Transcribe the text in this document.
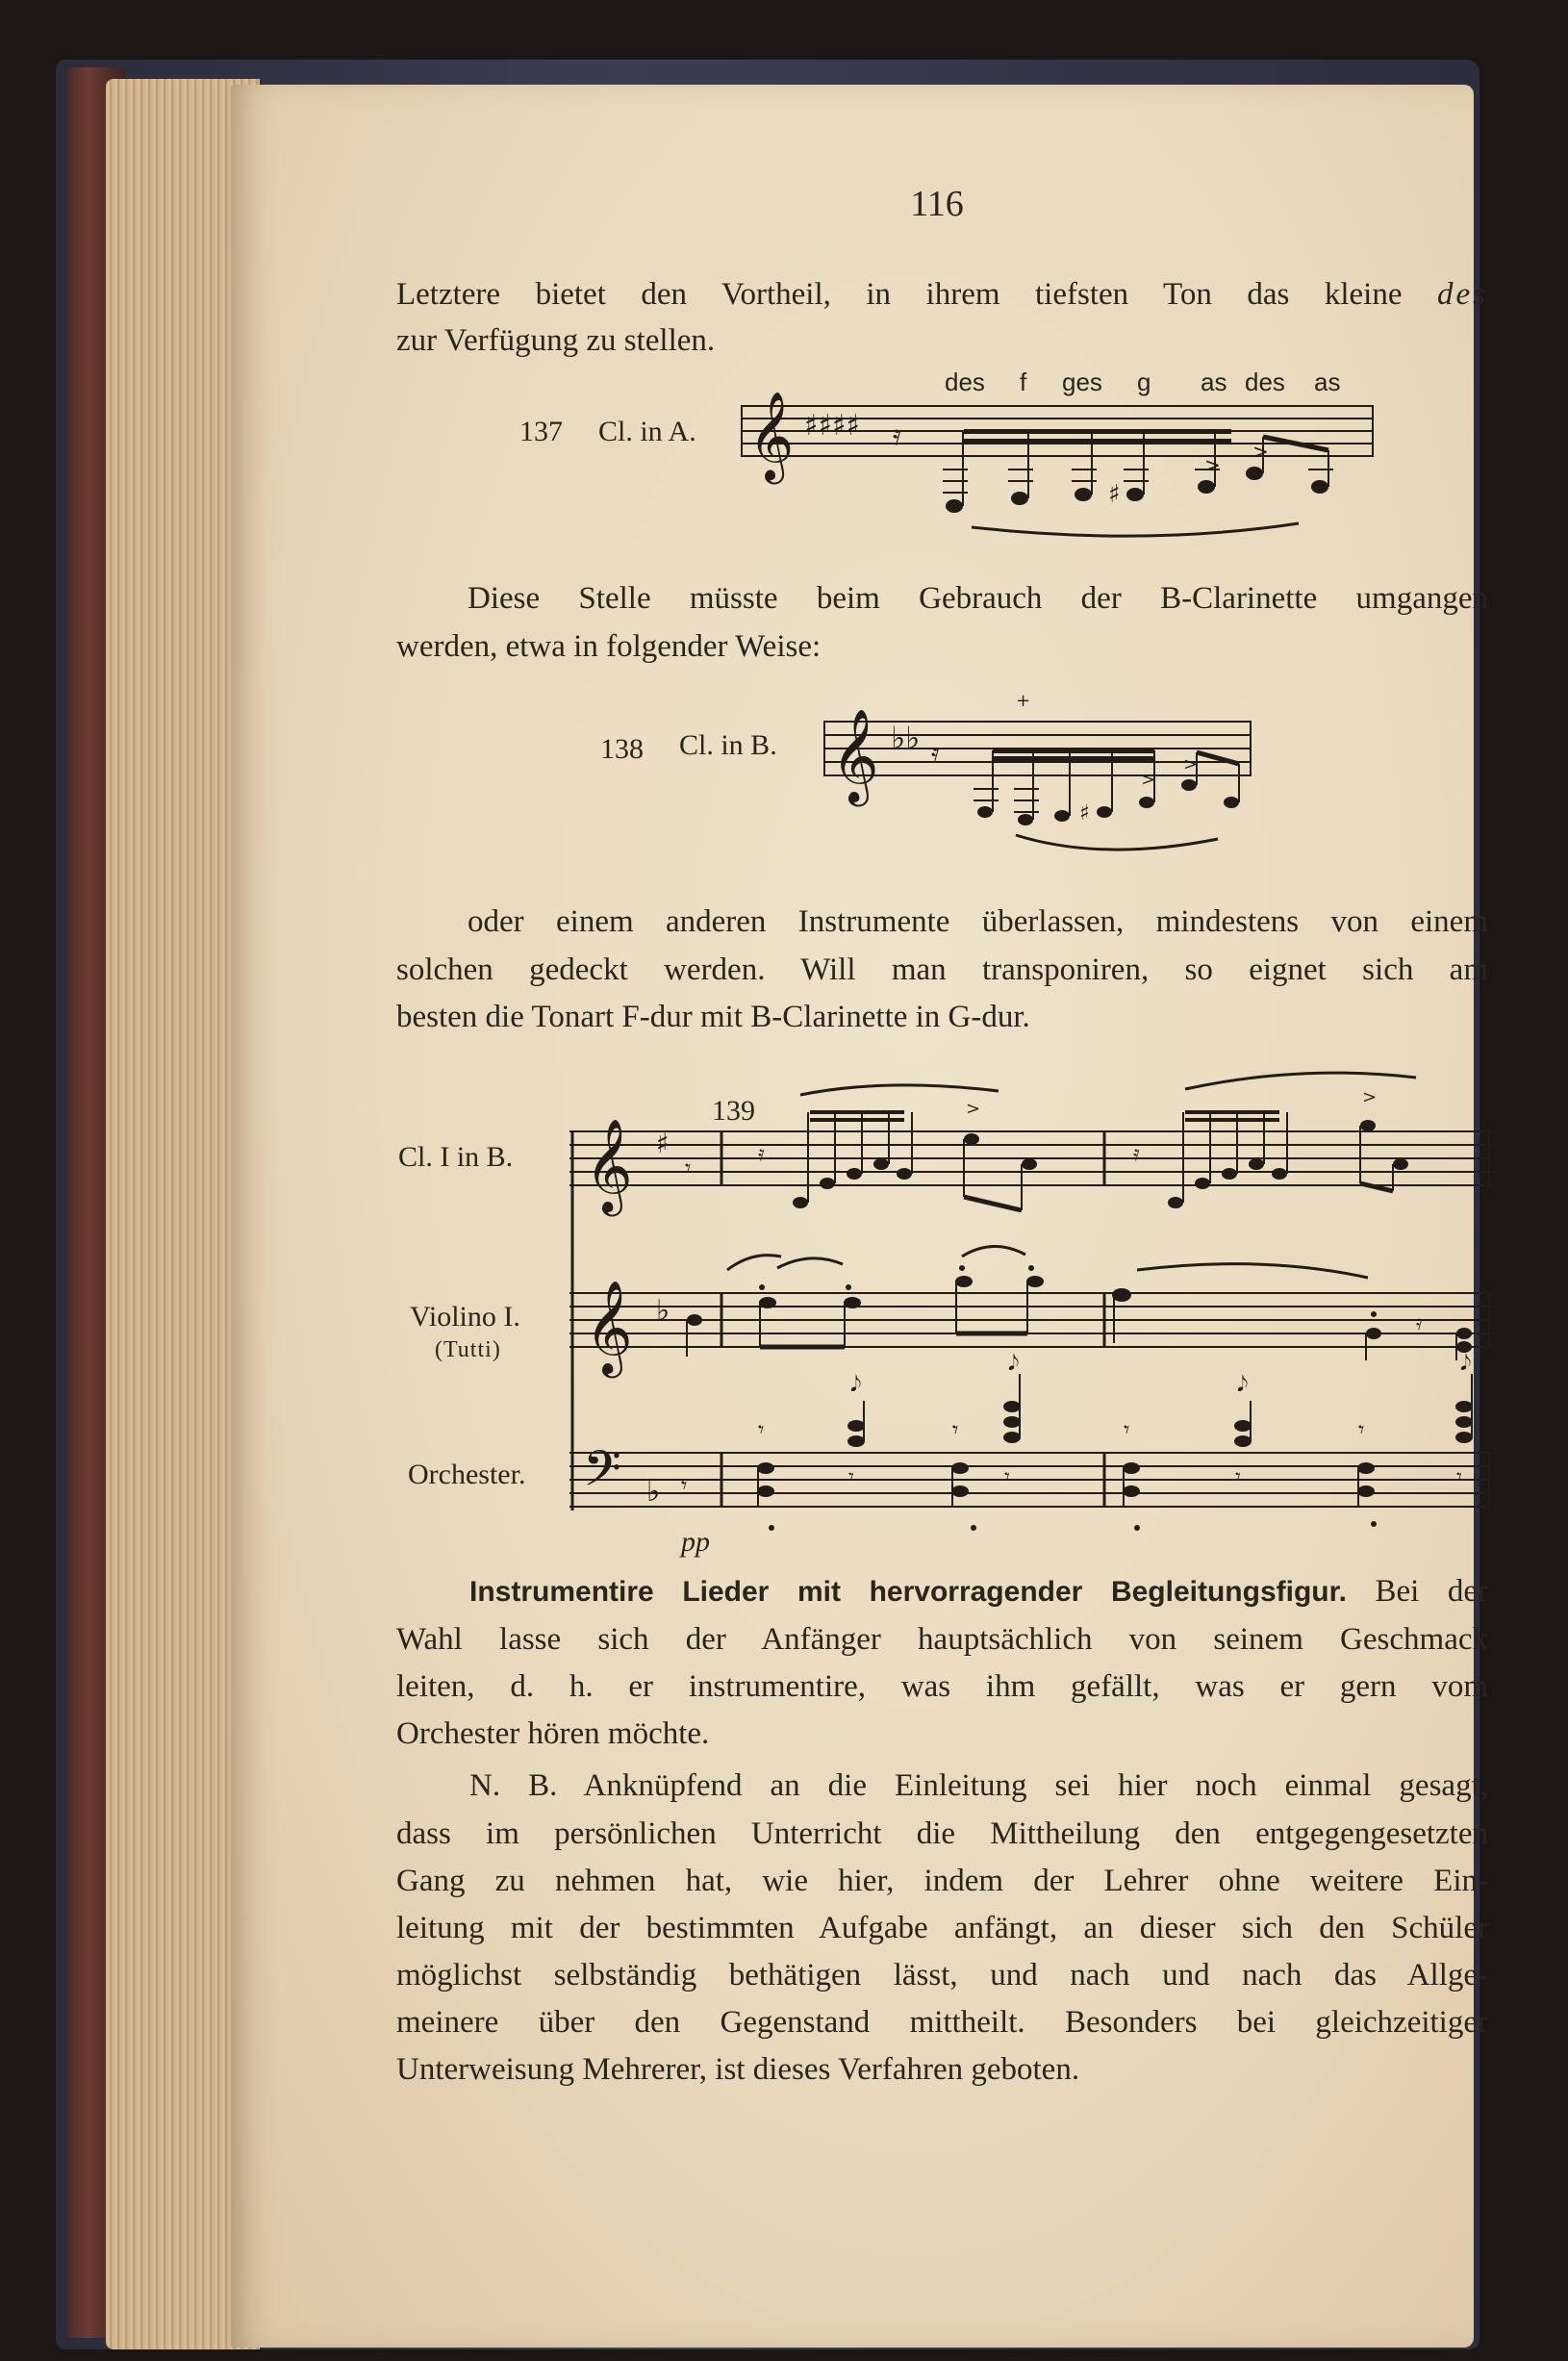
116
Letztere bietet den Vortheil, in ihrem tiefsten Ton das kleine des
zur Verfügung zu stellen.
137 Cl. in A.
des f ges g as des as
𝄞 ♯♯♯♯ 𝄿
♯
>
>
Diese Stelle müsste beim Gebrauch der B-Clarinette umgangen
werden, etwa in folgender Weise:
138 Cl. in B. 𝄞 ♭♭ 𝄿
+
♯
>
>
oder einem anderen Instrumente überlassen, mindestens von einem
solchen gedeckt werden. Will man transponiren, so eignet sich am
besten die Tonart F-dur mit B-Clarinette in G-dur.
139
Cl. I in B.
Violino I.
(Tutti)
Orchester.
pp
𝄞 ♯
𝄾
𝄿
>
𝄿
>
𝄞 ♭	𝄿
𝄢 ♭ 𝄾
𝄾
𝅘𝅥𝅮
𝄾
𝄾
𝅘𝅥𝅮
𝄾
𝄾
𝅘𝅥𝅮
𝄾
𝄾
𝅘𝅥𝅮
𝄾
Instrumentire Lieder mit hervorragender Begleitungsfigur. Bei der
Wahl lasse sich der Anfänger hauptsächlich von seinem Geschmack
leiten, d. h. er instrumentire, was ihm gefällt, was er gern vom
Orchester hören möchte.
N. B. Anknüpfend an die Einleitung sei hier noch einmal gesagt,
dass im persönlichen Unterricht die Mittheilung den entgegengesetzten
Gang zu nehmen hat, wie hier, indem der Lehrer ohne weitere Ein-
leitung mit der bestimmten Aufgabe anfängt, an dieser sich den Schüler
möglichst selbständig bethätigen lässt, und nach und nach das Allge-
meinere über den Gegenstand mittheilt. Besonders bei gleichzeitiger
Unterweisung Mehrerer, ist dieses Verfahren geboten.
